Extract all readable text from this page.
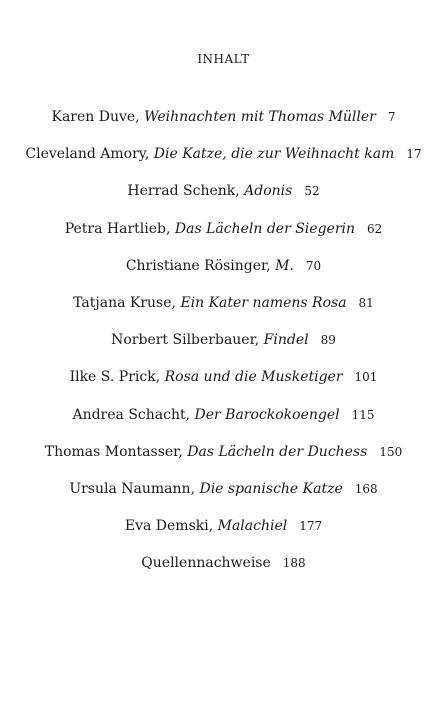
INHALT
Karen Duve, Weihnachten mit Thomas Müller 7
Cleveland Amory, Die Katze, die zur Weihnacht kam 17
Herrad Schenk, Adonis 52
Petra Hartlieb, Das Lächeln der Siegerin 62
Christiane Rösinger, M. 70
Tatjana Kruse, Ein Kater namens Rosa 81
Norbert Silberbauer, Findel 89
Ilke S. Prick, Rosa und die Musketiger 101
Andrea Schacht, Der Barockokoengel 115
Thomas Montasser, Das Lächeln der Duchess 150
Ursula Naumann, Die spanische Katze 168
Eva Demski, Malachiel 177
Quellennachweise 188
